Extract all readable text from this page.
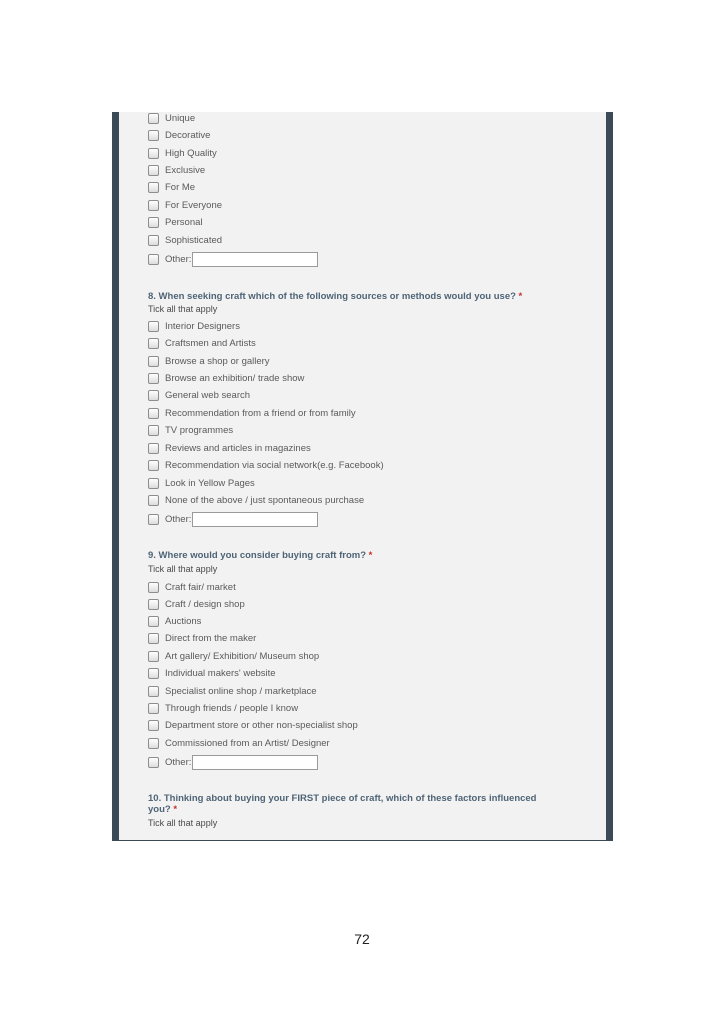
Unique
Decorative
High Quality
Exclusive
For Me
For Everyone
Personal
Sophisticated
Other:
8. When seeking craft which of the following sources or methods would you use? *
Tick all that apply
Interior Designers
Craftsmen and Artists
Browse a shop or gallery
Browse an exhibition/ trade show
General web search
Recommendation from a friend or from family
TV programmes
Reviews and articles in magazines
Recommendation via social network(e.g. Facebook)
Look in Yellow Pages
None of the above / just spontaneous purchase
Other:
9. Where would you consider buying craft from? *
Tick all that apply
Craft fair/ market
Craft / design shop
Auctions
Direct from the maker
Art gallery/ Exhibition/ Museum shop
Individual makers' website
Specialist online shop / marketplace
Through friends / people I know
Department store or other non-specialist shop
Commissioned from an Artist/ Designer
Other:
10. Thinking about buying your FIRST piece of craft, which of these factors influenced you? *
Tick all that apply
72
